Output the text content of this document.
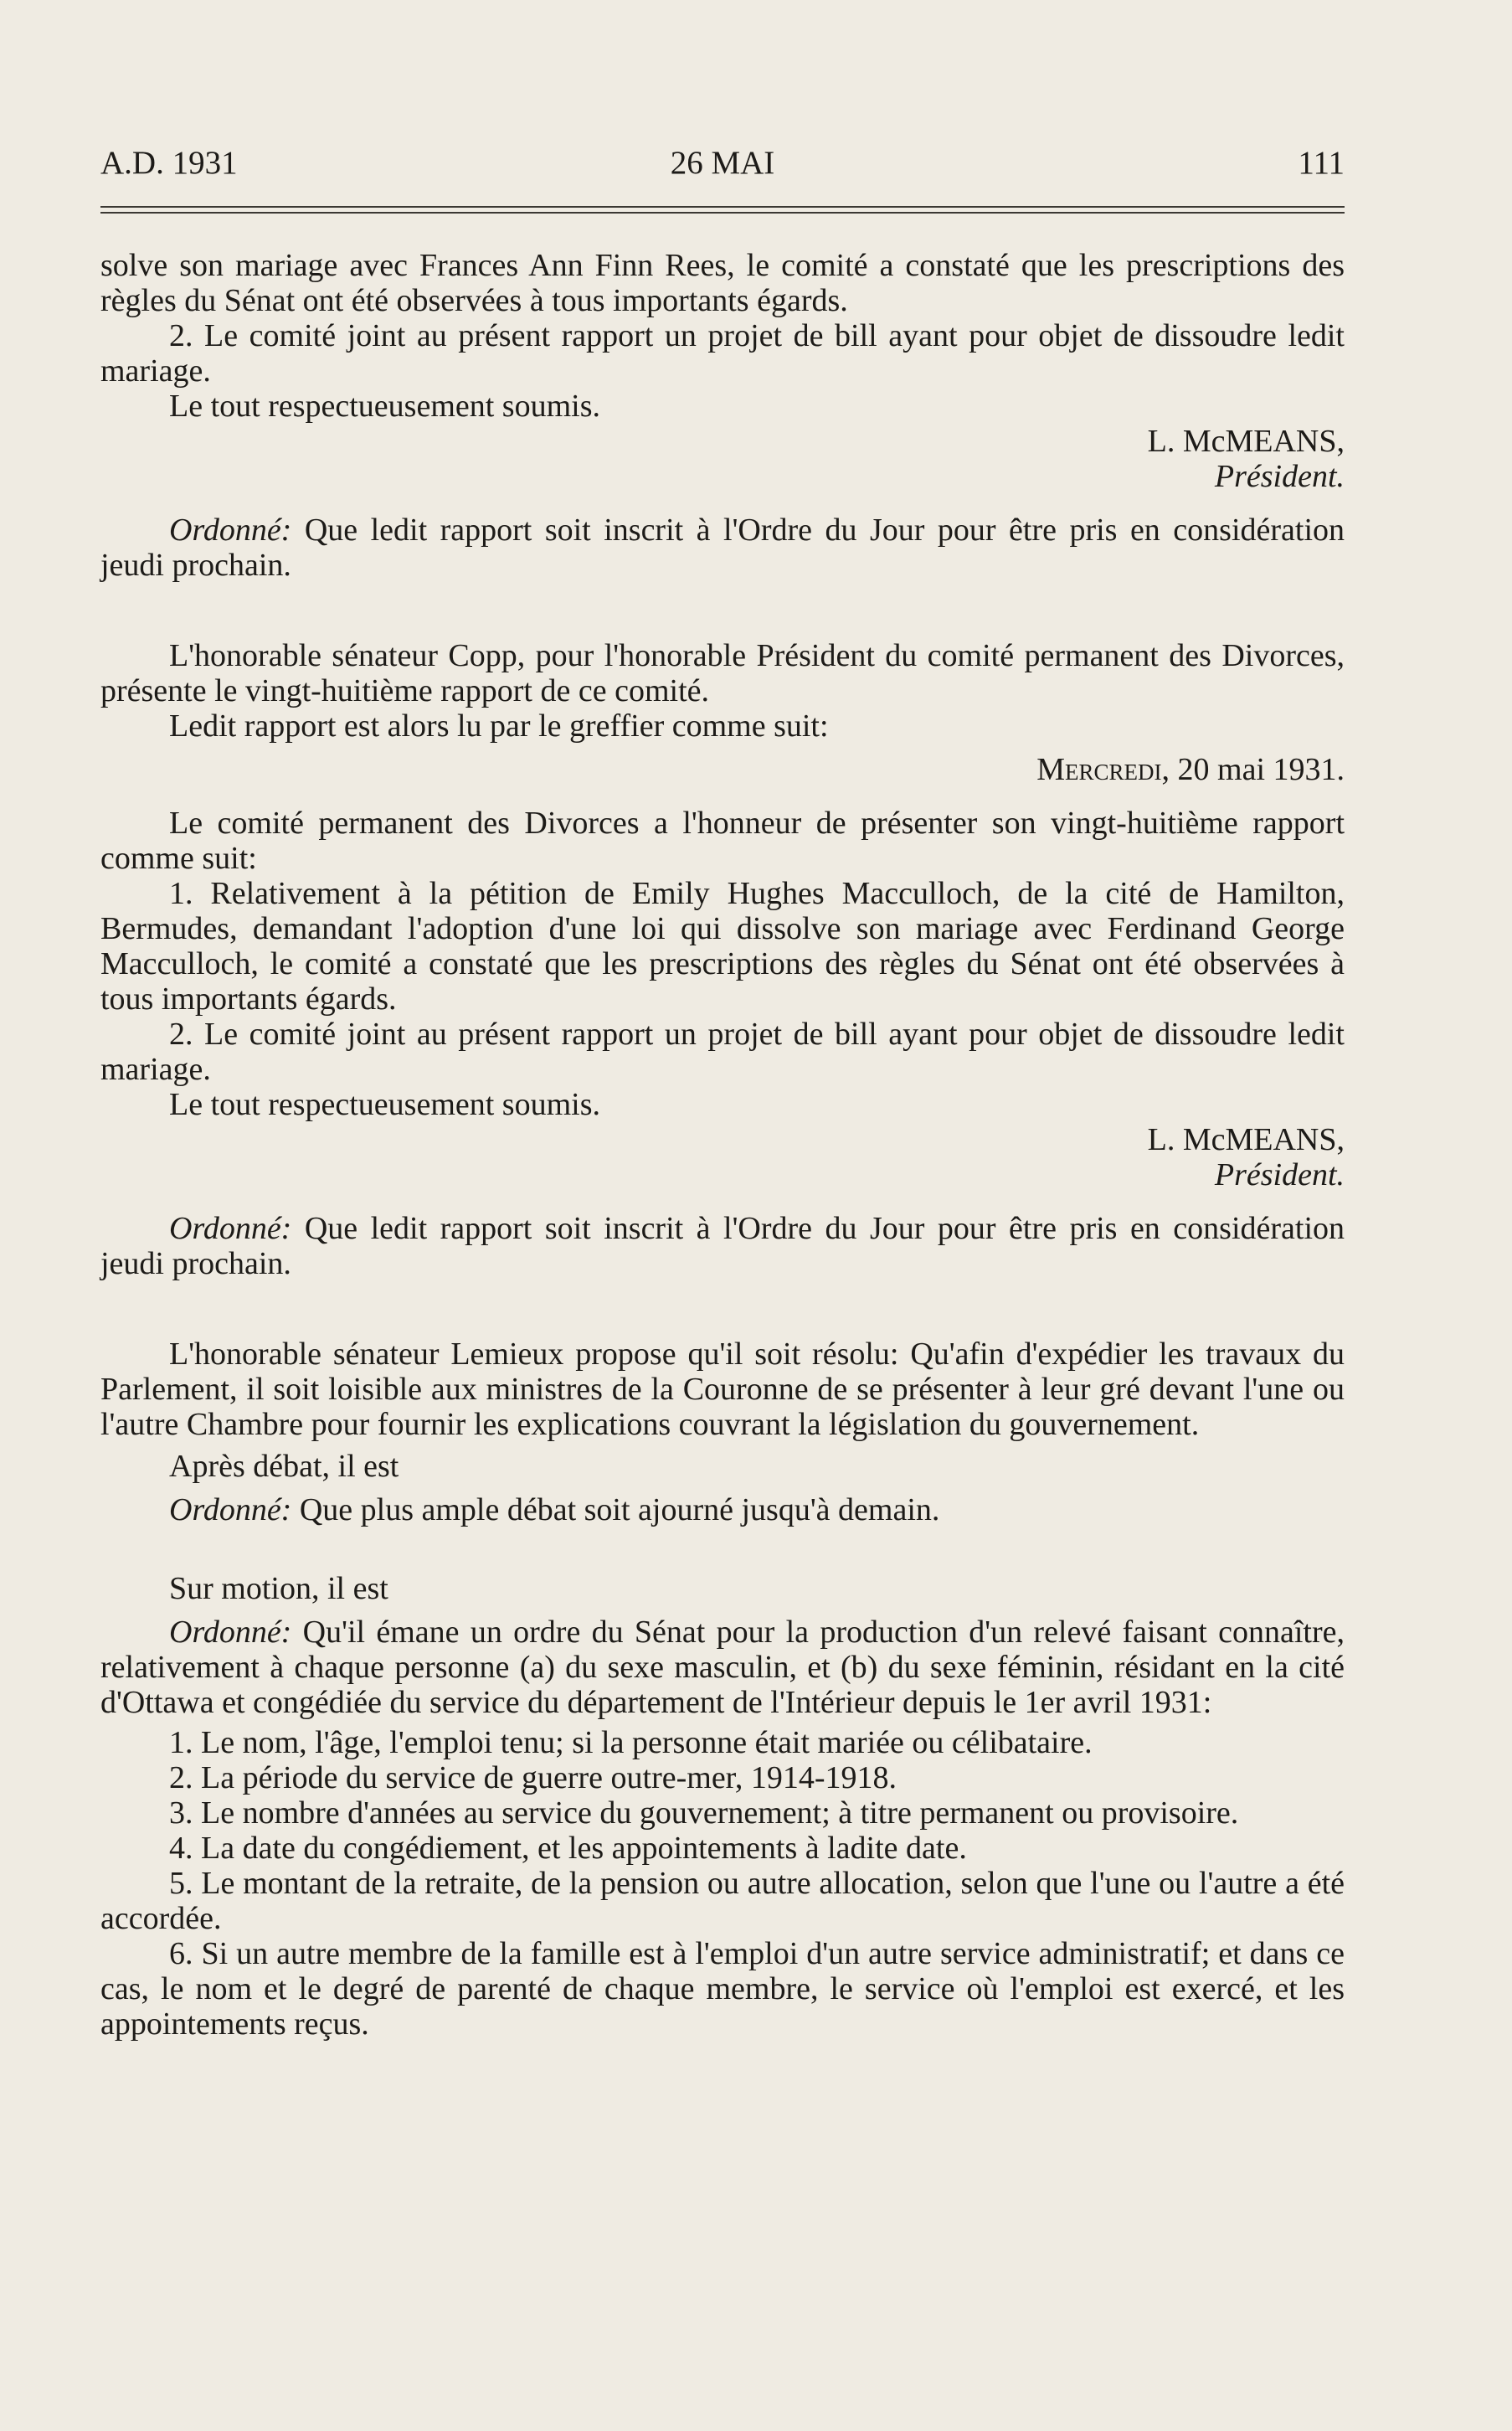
A.D. 1931	26 MAI	111

solve son mariage avec Frances Ann Finn Rees, le comité a constaté que les prescriptions des règles du Sénat ont été observées à tous importants égards.

2. Le comité joint au présent rapport un projet de bill ayant pour objet de dissoudre ledit mariage.

Le tout respectueusement soumis.

L. McMEANS,

Président.

Ordonné: Que ledit rapport soit inscrit à l'Ordre du Jour pour être pris en considération jeudi prochain.

L'honorable sénateur Copp, pour l'honorable Président du comité permanent des Divorces, présente le vingt-huitième rapport de ce comité.

Ledit rapport est alors lu par le greffier comme suit:

Mercredi, 20 mai 1931.

Le comité permanent des Divorces a l'honneur de présenter son vingt-huitième rapport comme suit:

1. Relativement à la pétition de Emily Hughes Macculloch, de la cité de Hamilton, Bermudes, demandant l'adoption d'une loi qui dissolve son mariage avec Ferdinand George Macculloch, le comité a constaté que les prescriptions des règles du Sénat ont été observées à tous importants égards.

2. Le comité joint au présent rapport un projet de bill ayant pour objet de dissoudre ledit mariage.

Le tout respectueusement soumis.

L. McMEANS,

Président.

Ordonné: Que ledit rapport soit inscrit à l'Ordre du Jour pour être pris en considération jeudi prochain.

L'honorable sénateur Lemieux propose qu'il soit résolu: Qu'afin d'expédier les travaux du Parlement, il soit loisible aux ministres de la Couronne de se présenter à leur gré devant l'une ou l'autre Chambre pour fournir les explications couvrant la législation du gouvernement.

Après débat, il est

Ordonné: Que plus ample débat soit ajourné jusqu'à demain.

Sur motion, il est

Ordonné: Qu'il émane un ordre du Sénat pour la production d'un relevé faisant connaître, relativement à chaque personne (a) du sexe masculin, et (b) du sexe féminin, résidant en la cité d'Ottawa et congédiée du service du département de l'Intérieur depuis le 1er avril 1931:

1. Le nom, l'âge, l'emploi tenu; si la personne était mariée ou célibataire.

2. La période du service de guerre outre-mer, 1914-1918.

3. Le nombre d'années au service du gouvernement; à titre permanent ou provisoire.

4. La date du congédiement, et les appointements à ladite date.

5. Le montant de la retraite, de la pension ou autre allocation, selon que l'une ou l'autre a été accordée.

6. Si un autre membre de la famille est à l'emploi d'un autre service administratif; et dans ce cas, le nom et le degré de parenté de chaque membre, le service où l'emploi est exercé, et les appointements reçus.
